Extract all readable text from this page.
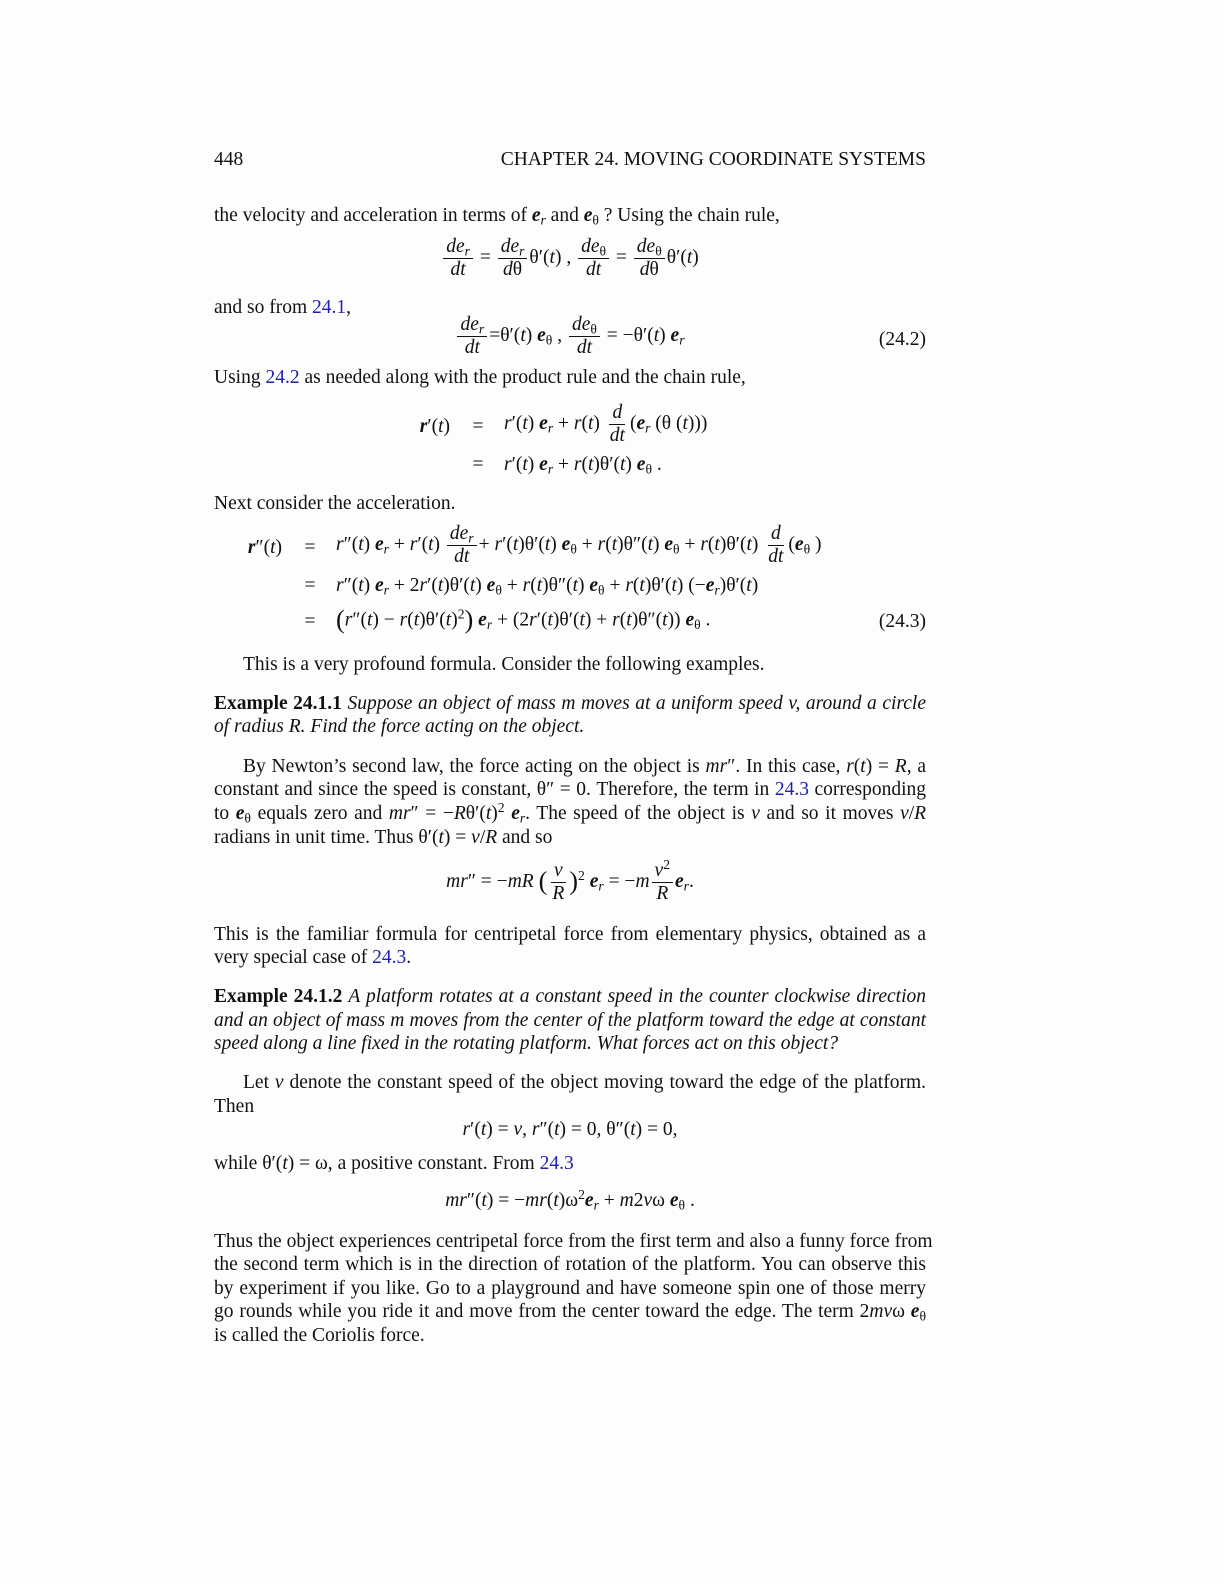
448	CHAPTER 24. MOVING COORDINATE SYSTEMS
the velocity and acceleration in terms of $e_r$ and $e_\theta$ ? Using the chain rule,
$\frac{de_r}{dt} = \frac{de_r}{d\theta} \theta'(t)$ , $\frac{de_\theta}{dt} = \frac{de_\theta}{d\theta} \theta'(t)$
and so from 24.1,
$\frac{de_r}{dt} =\theta'(t)$ $e_\theta$ , $\frac{de_\theta}{dt} = -\theta'(t)$ $e_r$	(24.2)
Using 24.2 as needed along with the product rule and the chain rule,
r′(t)	=	r′(t) $e_r + r(t) \frac{d}{dt} (e_r$ (θ (t)))
=	r′(t) $e_r + r(t)\theta'(t)$ $e_\theta$ .
Next consider the acceleration.
r″(t)	=	r″(t) $e_r + r'(t) \frac{de_r}{dt} + r'(t)\theta'(t) e_\theta + r(t)\theta''(t) e_\theta + r(t)\theta'(t) \frac{d}{dt} (e_\theta$ )
=	r″(t) $e_r + 2r'(t)\theta'(t) e_\theta + r(t)\theta''(t) e_\theta + r(t)\theta'(t)$ $(-e_r)\theta'(t)$
= $(r''(t) - r(t)\theta'(t)^2)$ $e_r + (2r'(t)\theta'(t) + r(t)\theta''(t))$ $e_\theta$ .	(24.3)
This is a very profound formula. Consider the following examples.
Example 24.1.1 Suppose an object of mass m moves at a uniform speed v, around a circle
of radius R. Find the force acting on the object.
By Newton’s second law, the force acting on the object is mr″. In this case, r(t) = R, a
constant and since the speed is constant, θ″ = 0. Therefore, the term in 24.3 corresponding
to $e_\theta$ equals zero and $mr'' = -R\theta'(t)^2$ $e_r$. The speed of the object is v and so it moves v/R
radians in unit time. Thus θ′(t) = v/R and so
mr″ = −mR ( $\frac{v}{R} )^2$ $e_r = -m \frac{v^2}{R} e_r$.
This is the familiar formula for centripetal force from elementary physics, obtained as a
very special case of 24.3.
Example 24.1.2 A platform rotates at a constant speed in the counter clockwise direction
and an object of mass m moves from the center of the platform toward the edge at constant
speed along a line fixed in the rotating platform. What forces act on this object?
Let v denote the constant speed of the object moving toward the edge of the platform.
Then
r′(t) = v, r″(t) = 0, θ″(t) = 0,
while θ′(t) = ω, a positive constant. From 24.3
$mr''(t) = -mr(t)\omega^2e_r + m2v\omega$ $e_\theta$ .
Thus the object experiences centripetal force from the first term and also a funny force from
the second term which is in the direction of rotation of the platform. You can observe this
by experiment if you like. Go to a playground and have someone spin one of those merry
go rounds while you ride it and move from the center toward the edge. The term 2mvω $e_\theta$
is called the Coriolis force.
